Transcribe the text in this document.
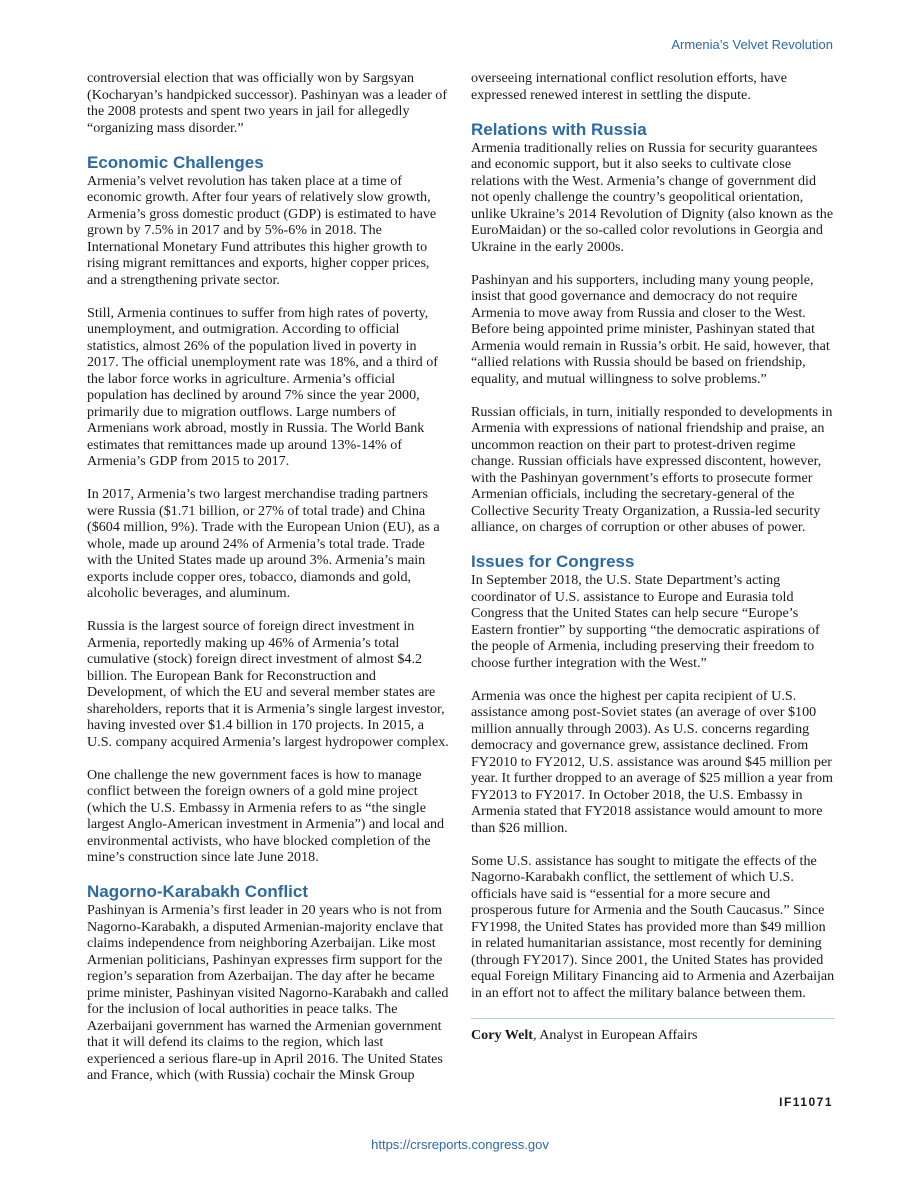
Armenia’s Velvet Revolution

controversial election that was officially won by Sargsyan (Kocharyan’s handpicked successor). Pashinyan was a leader of the 2008 protests and spent two years in jail for allegedly “organizing mass disorder.”

Economic Challenges

Armenia’s velvet revolution has taken place at a time of economic growth. After four years of relatively slow growth, Armenia’s gross domestic product (GDP) is estimated to have grown by 7.5% in 2017 and by 5%-6% in 2018. The International Monetary Fund attributes this higher growth to rising migrant remittances and exports, higher copper prices, and a strengthening private sector.

Still, Armenia continues to suffer from high rates of poverty, unemployment, and outmigration. According to official statistics, almost 26% of the population lived in poverty in 2017. The official unemployment rate was 18%, and a third of the labor force works in agriculture. Armenia’s official population has declined by around 7% since the year 2000, primarily due to migration outflows. Large numbers of Armenians work abroad, mostly in Russia. The World Bank estimates that remittances made up around 13%-14% of Armenia’s GDP from 2015 to 2017.

In 2017, Armenia’s two largest merchandise trading partners were Russia ($1.71 billion, or 27% of total trade) and China ($604 million, 9%). Trade with the European Union (EU), as a whole, made up around 24% of Armenia’s total trade. Trade with the United States made up around 3%. Armenia’s main exports include copper ores, tobacco, diamonds and gold, alcoholic beverages, and aluminum.

Russia is the largest source of foreign direct investment in Armenia, reportedly making up 46% of Armenia’s total cumulative (stock) foreign direct investment of almost $4.2 billion. The European Bank for Reconstruction and Development, of which the EU and several member states are shareholders, reports that it is Armenia’s single largest investor, having invested over $1.4 billion in 170 projects. In 2015, a U.S. company acquired Armenia’s largest hydropower complex.

One challenge the new government faces is how to manage conflict between the foreign owners of a gold mine project (which the U.S. Embassy in Armenia refers to as “the single largest Anglo-American investment in Armenia”) and local and environmental activists, who have blocked completion of the mine’s construction since late June 2018.

Nagorno-Karabakh Conflict

Pashinyan is Armenia’s first leader in 20 years who is not from Nagorno-Karabakh, a disputed Armenian-majority enclave that claims independence from neighboring Azerbaijan. Like most Armenian politicians, Pashinyan expresses firm support for the region’s separation from Azerbaijan. The day after he became prime minister, Pashinyan visited Nagorno-Karabakh and called for the inclusion of local authorities in peace talks. The Azerbaijani government has warned the Armenian government that it will defend its claims to the region, which last experienced a serious flare-up in April 2016. The United States and France, which (with Russia) cochair the Minsk Group

overseeing international conflict resolution efforts, have expressed renewed interest in settling the dispute.

Relations with Russia

Armenia traditionally relies on Russia for security guarantees and economic support, but it also seeks to cultivate close relations with the West. Armenia’s change of government did not openly challenge the country’s geopolitical orientation, unlike Ukraine’s 2014 Revolution of Dignity (also known as the EuroMaidan) or the so-called color revolutions in Georgia and Ukraine in the early 2000s.

Pashinyan and his supporters, including many young people, insist that good governance and democracy do not require Armenia to move away from Russia and closer to the West. Before being appointed prime minister, Pashinyan stated that Armenia would remain in Russia’s orbit. He said, however, that “allied relations with Russia should be based on friendship, equality, and mutual willingness to solve problems.”

Russian officials, in turn, initially responded to developments in Armenia with expressions of national friendship and praise, an uncommon reaction on their part to protest-driven regime change. Russian officials have expressed discontent, however, with the Pashinyan government’s efforts to prosecute former Armenian officials, including the secretary-general of the Collective Security Treaty Organization, a Russia-led security alliance, on charges of corruption or other abuses of power.

Issues for Congress

In September 2018, the U.S. State Department’s acting coordinator of U.S. assistance to Europe and Eurasia told Congress that the United States can help secure “Europe’s Eastern frontier” by supporting “the democratic aspirations of the people of Armenia, including preserving their freedom to choose further integration with the West.”

Armenia was once the highest per capita recipient of U.S. assistance among post-Soviet states (an average of over $100 million annually through 2003). As U.S. concerns regarding democracy and governance grew, assistance declined. From FY2010 to FY2012, U.S. assistance was around $45 million per year. It further dropped to an average of $25 million a year from FY2013 to FY2017. In October 2018, the U.S. Embassy in Armenia stated that FY2018 assistance would amount to more than $26 million.

Some U.S. assistance has sought to mitigate the effects of the Nagorno-Karabakh conflict, the settlement of which U.S. officials have said is “essential for a more secure and prosperous future for Armenia and the South Caucasus.” Since FY1998, the United States has provided more than $49 million in related humanitarian assistance, most recently for demining (through FY2017). Since 2001, the United States has provided equal Foreign Military Financing aid to Armenia and Azerbaijan in an effort not to affect the military balance between them.

Cory Welt, Analyst in European Affairs

IF11071
https://crsreports.congress.gov
